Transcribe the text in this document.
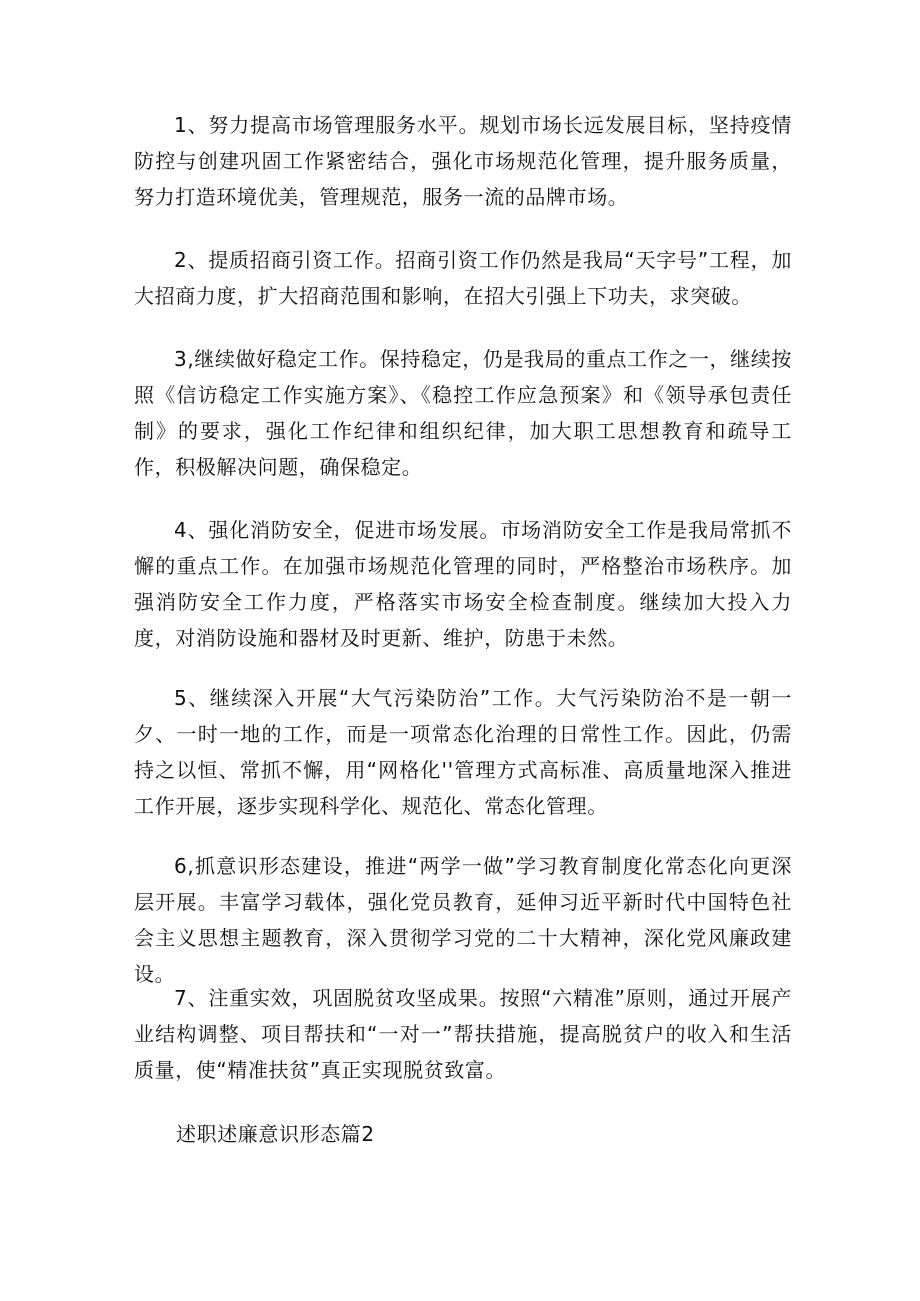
1、努力提高市场管理服务水平。规划市场长远发展目标，坚持疫情防控与创建巩固工作紧密结合，强化市场规范化管理，提升服务质量，努力打造环境优美，管理规范，服务一流的品牌市场。

2、提质招商引资工作。招商引资工作仍然是我局“天字号”工程，加大招商力度，扩大招商范围和影响，在招大引强上下功夫，求突破。

3,继续做好稳定工作。保持稳定，仍是我局的重点工作之一，继续按照《信访稳定工作实施方案》、《稳控工作应急预案》和《领导承包责任制》的要求，强化工作纪律和组织纪律，加大职工思想教育和疏导工作，积极解决问题，确保稳定。

4、强化消防安全，促进市场发展。市场消防安全工作是我局常抓不懈的重点工作。在加强市场规范化管理的同时，严格整治市场秩序。加强消防安全工作力度，严格落实市场安全检查制度。继续加大投入力度，对消防设施和器材及时更新、维护，防患于未然。

5、继续深入开展“大气污染防治”工作。大气污染防治不是一朝一夕、一时一地的工作，而是一项常态化治理的日常性工作。因此，仍需持之以恒、常抓不懈，用“网格化''管理方式高标准、高质量地深入推进工作开展，逐步实现科学化、规范化、常态化管理。

6,抓意识形态建设，推进“两学一做”学习教育制度化常态化向更深层开展。丰富学习载体，强化党员教育，延伸习近平新时代中国特色社会主义思想主题教育，深入贯彻学习党的二十大精神，深化党风廉政建设。

7、注重实效，巩固脱贫攻坚成果。按照“六精准”原则，通过开展产业结构调整、项目帮扶和“一对一”帮扶措施，提高脱贫户的收入和生活质量，使“精准扶贫”真正实现脱贫致富。

述职述廉意识形态篇2
